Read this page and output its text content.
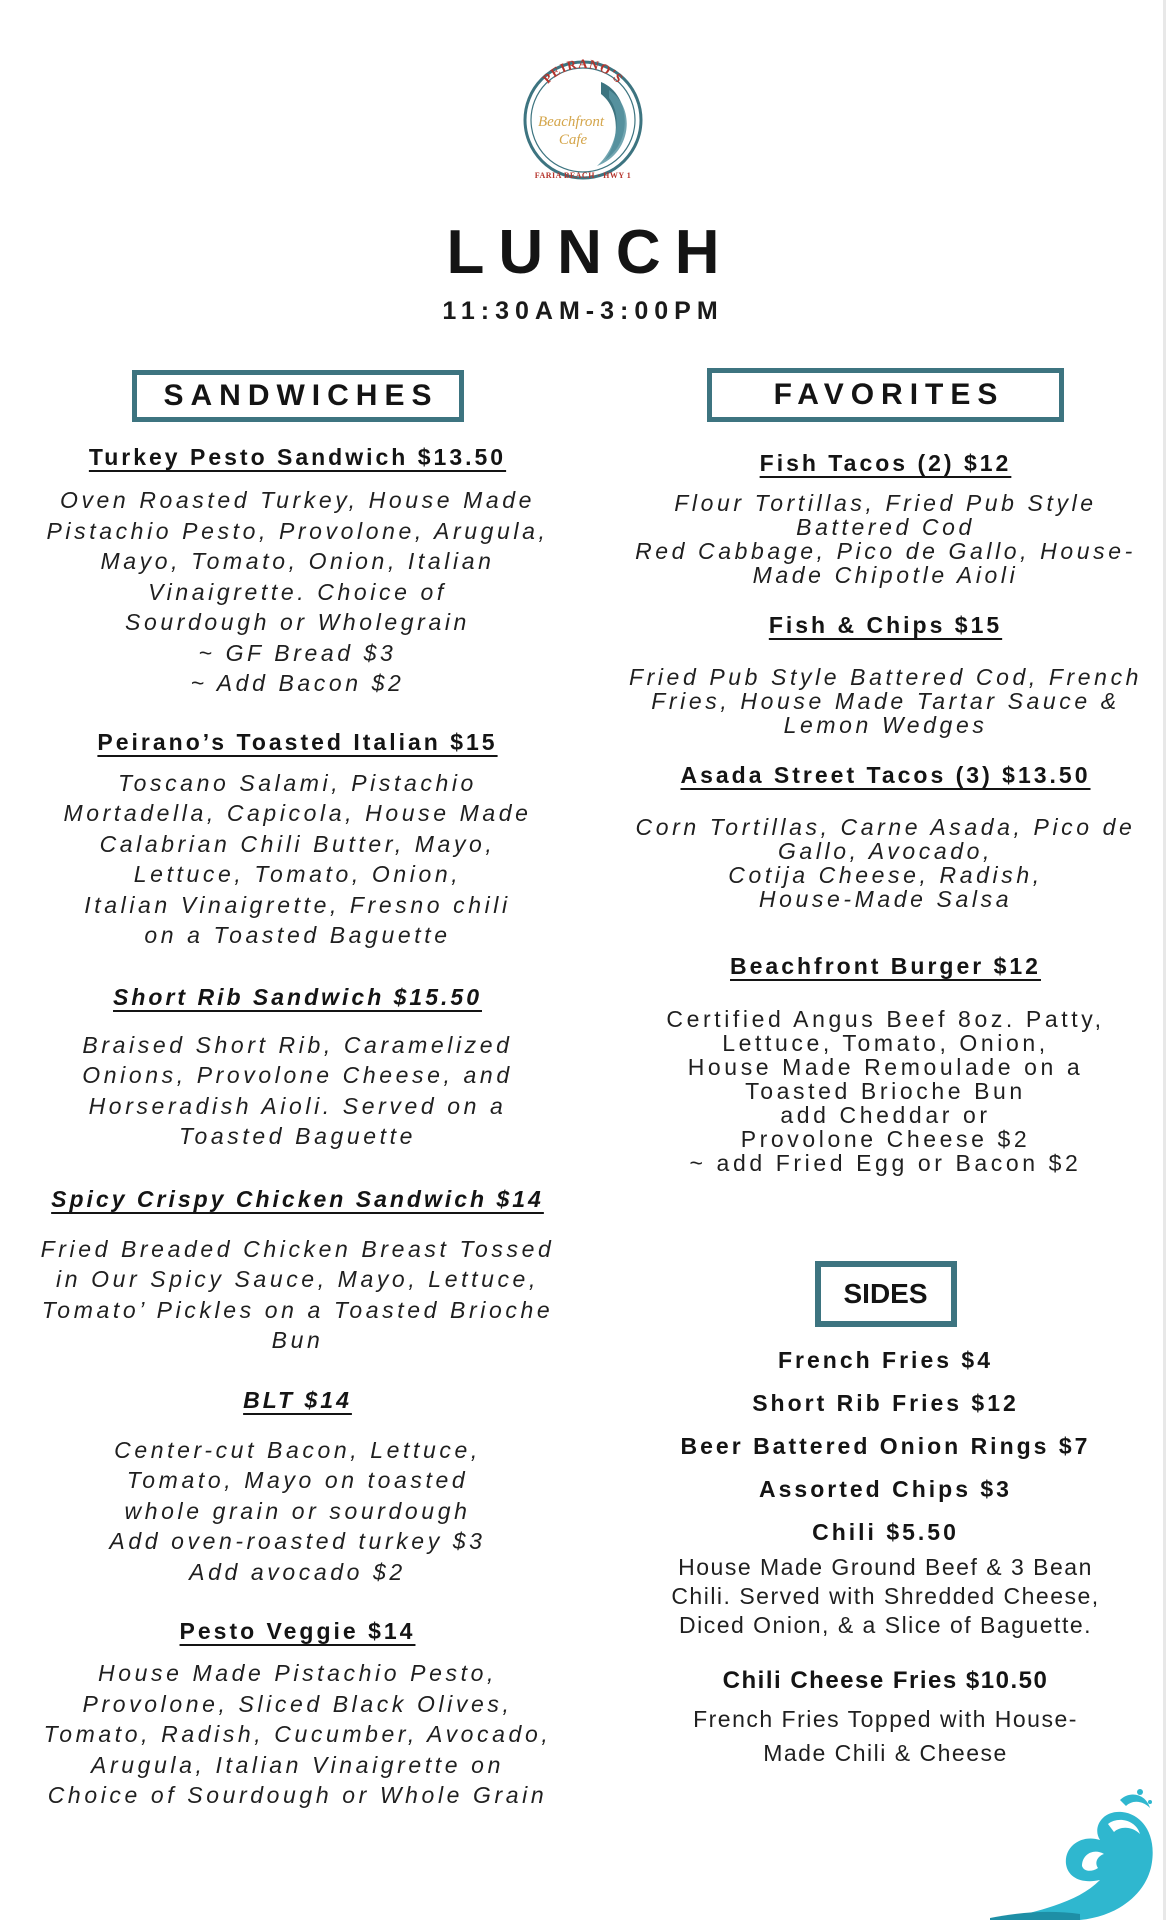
PEIRANO'S
Beachfront
Cafe
FARIA BEACH · HWY 1
LUNCH
11:30AM-3:00PM
SANDWICHES
Turkey Pesto Sandwich $13.50
Oven Roasted Turkey, House Made
Pistachio Pesto, Provolone, Arugula,
Mayo, Tomato, Onion, Italian
Vinaigrette. Choice of
Sourdough or Wholegrain
~ GF Bread $3
~ Add Bacon $2
Peirano’s Toasted Italian $15
Toscano Salami, Pistachio
Mortadella, Capicola, House Made
Calabrian Chili Butter, Mayo,
Lettuce, Tomato, Onion,
Italian Vinaigrette, Fresno chili
on a Toasted Baguette
Short Rib Sandwich $15.50
Braised Short Rib, Caramelized
Onions, Provolone Cheese, and
Horseradish Aioli. Served on a
Toasted Baguette
Spicy Crispy Chicken Sandwich $14
Fried Breaded Chicken Breast Tossed
in Our Spicy Sauce, Mayo, Lettuce,
Tomato’ Pickles on a Toasted Brioche
Bun
BLT $14
Center-cut Bacon, Lettuce,
Tomato, Mayo on toasted
whole grain or sourdough
Add oven-roasted turkey $3
Add avocado $2
Pesto Veggie $14
House Made Pistachio Pesto,
Provolone, Sliced Black Olives,
Tomato, Radish, Cucumber, Avocado,
Arugula, Italian Vinaigrette on
Choice of Sourdough or Whole Grain
FAVORITES
Fish Tacos (2) $12
Flour Tortillas, Fried Pub Style
Battered Cod
Red Cabbage, Pico de Gallo, House-
Made Chipotle Aioli
Fish & Chips $15
Fried Pub Style Battered Cod, French
Fries, House Made Tartar Sauce &
Lemon Wedges
Asada Street Tacos (3) $13.50
Corn Tortillas, Carne Asada, Pico de
Gallo, Avocado,
Cotija Cheese, Radish,
House-Made Salsa
Beachfront Burger $12
Certified Angus Beef 8oz. Patty,
Lettuce, Tomato, Onion,
House Made Remoulade on a
Toasted Brioche Bun
add Cheddar or
Provolone Cheese $2
~ add Fried Egg or Bacon $2
SIDES
French Fries $4
Short Rib Fries $12
Beer Battered Onion Rings $7
Assorted Chips $3
Chili $5.50
House Made Ground Beef & 3 Bean
Chili. Served with Shredded Cheese,
Diced Onion, & a Slice of Baguette.
Chili Cheese Fries $10.50
French Fries Topped with House-
Made Chili & Cheese
